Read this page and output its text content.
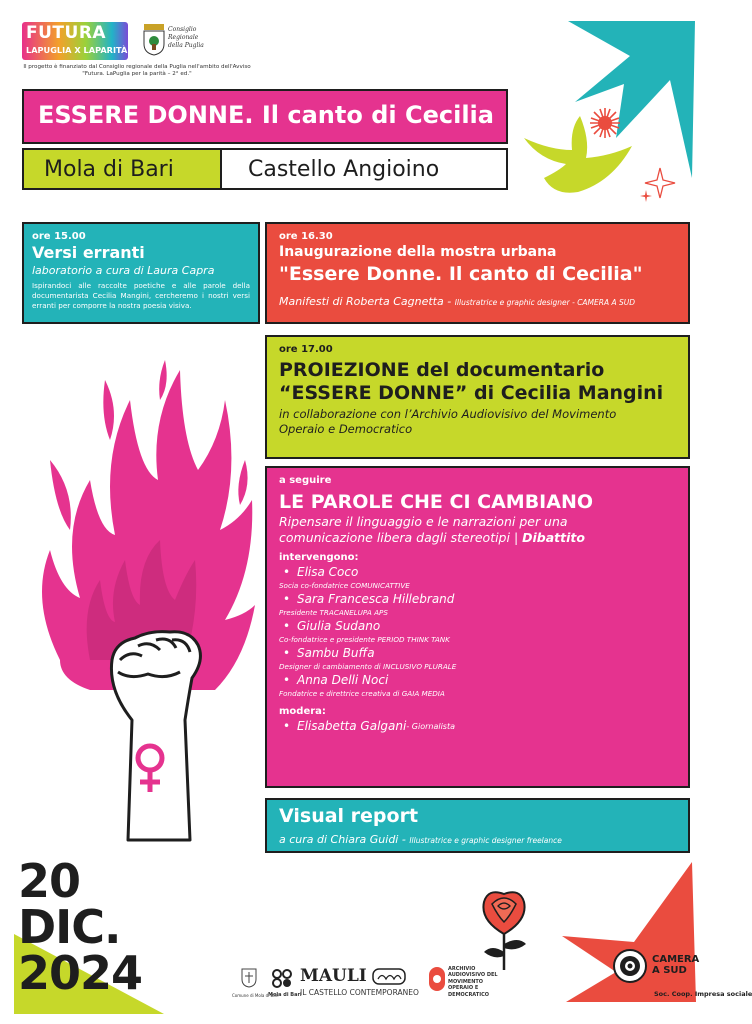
FUTURA
LAPUGLIA X LAPARITÀ
Consiglio Regionale della Puglia
Il progetto è finanziato dal Consiglio regionale della Puglia nell'ambito dell'Avviso "Futura. LaPuglia per la parità – 2° ed."
ESSERE DONNE. Il canto di Cecilia
Mola di Bari	Castello Angioino
ore 15.00
Versi erranti
laboratorio a cura di Laura Capra
Ispirandoci alle raccolte poetiche e alle parole della documentarista Cecilia Mangini, cercheremo i nostri versi erranti per comporre la nostra poesia visiva.
ore 16.30
Inaugurazione della mostra urbana
"Essere Donne. Il canto di Cecilia"
Manifesti di Roberta Cagnetta - Illustratrice e graphic designer - CAMERA A SUD
ore 17.00
PROIEZIONE del documentario
“ESSERE DONNE” di Cecilia Mangini
in collaborazione con l’Archivio Audiovisivo del Movimento
Operaio e Democratico
a seguire
LE PAROLE CHE CI CAMBIANO
Ripensare il linguaggio e le narrazioni per una
comunicazione libera dagli stereotipi | Dibattito
intervengono:
• Elisa Coco
Socia co-fondatrice COMUNICATTIVE
• Sara Francesca Hillebrand
Presidente TRACANELUPA APS
• Giulia Sudano
Co-fondatrice e presidente PERIOD THINK TANK
• Sambu Buffa
Designer di cambiamento di INCLUSIVO PLURALE
• Anna Delli Noci
Fondatrice e direttrice creativa di GAIA MEDIA
modera:
• Elisabetta Galgani - Giornalista
Visual report
a cura di Chiara Guidi - Illustratrice e graphic designer freelance
20
DIC.
2024	Comune di Mola di Bari
Mola di Bari
MAULI
IL CASTELLO CONTEMPORANEO
ARCHIVIO AUDIOVISIVO DEL MOVIMENTO OPERAIO E DEMOCRATICO
CAMERA A SUD
Soc. Coop. Impresa sociale
